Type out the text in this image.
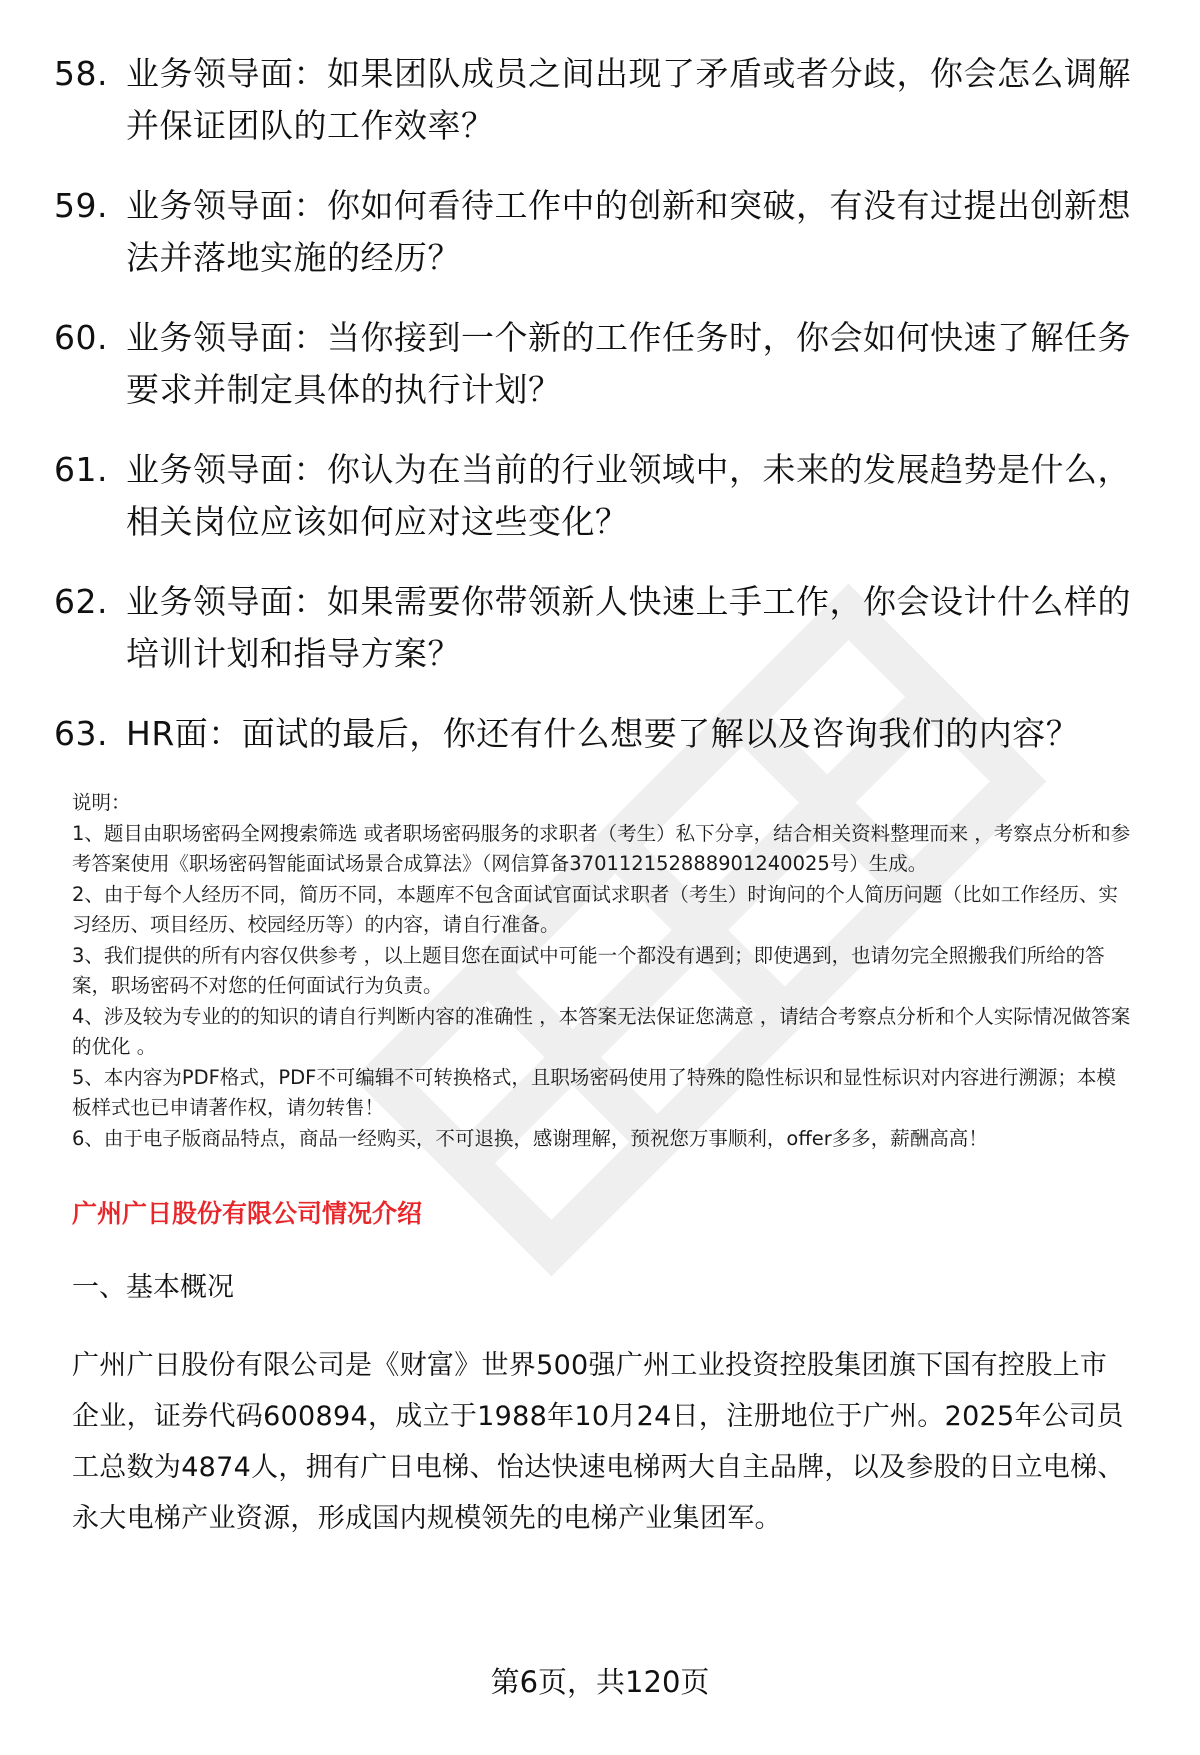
58. 业务领导面：如果团队成员之间出现了矛盾或者分歧，你会怎么调解并保证团队的工作效率？
59. 业务领导面：你如何看待工作中的创新和突破，有没有过提出创新想法并落地实施的经历？
60. 业务领导面：当你接到一个新的工作任务时，你会如何快速了解任务要求并制定具体的执行计划？
61. 业务领导面：你认为在当前的行业领域中，未来的发展趋势是什么，相关岗位应该如何应对这些变化？
62. 业务领导面：如果需要你带领新人快速上手工作，你会设计什么样的培训计划和指导方案？
63. HR面：面试的最后，你还有什么想要了解以及咨询我们的内容？

说明：

1、题目由职场密码全网搜索筛选 或者职场密码服务的求职者（考生）私下分享，结合相关资料整理而来 ，考察点分析和参考答案使用《职场密码智能面试场景合成算法》（网信算备370112152888901240025号）生成。

2、由于每个人经历不同，简历不同，本题库不包含面试官面试求职者（考生）时询问的个人简历问题（比如工作经历、实习经历、项目经历、校园经历等）的内容，请自行准备。

3、我们提供的所有内容仅供参考 ，以上题目您在面试中可能一个都没有遇到；即使遇到，也请勿完全照搬我们所给的答案，职场密码不对您的任何面试行为负责。

4、涉及较为专业的的知识的请自行判断内容的准确性 ，本答案无法保证您满意 ，请结合考察点分析和个人实际情况做答案的优化 。

5、本内容为PDF格式，PDF不可编辑不可转换格式，且职场密码使用了特殊的隐性标识和显性标识对内容进行溯源；本模板样式也已申请著作权，请勿转售！

6、由于电子版商品特点，商品一经购买，不可退换，感谢理解，预祝您万事顺利，offer多多，薪酬高高！

广州广日股份有限公司情况介绍
一、基本概况
广州广日股份有限公司是《财富》世界500强广州工业投资控股集团旗下国有控股上市企业，证券代码600894，成立于1988年10月24日，注册地位于广州。2025年公司员工总数为4874人，拥有广日电梯、怡达快速电梯两大自主品牌，以及参股的日立电梯、永大电梯产业资源，形成国内规模领先的电梯产业集团军。
第6页，共120页
